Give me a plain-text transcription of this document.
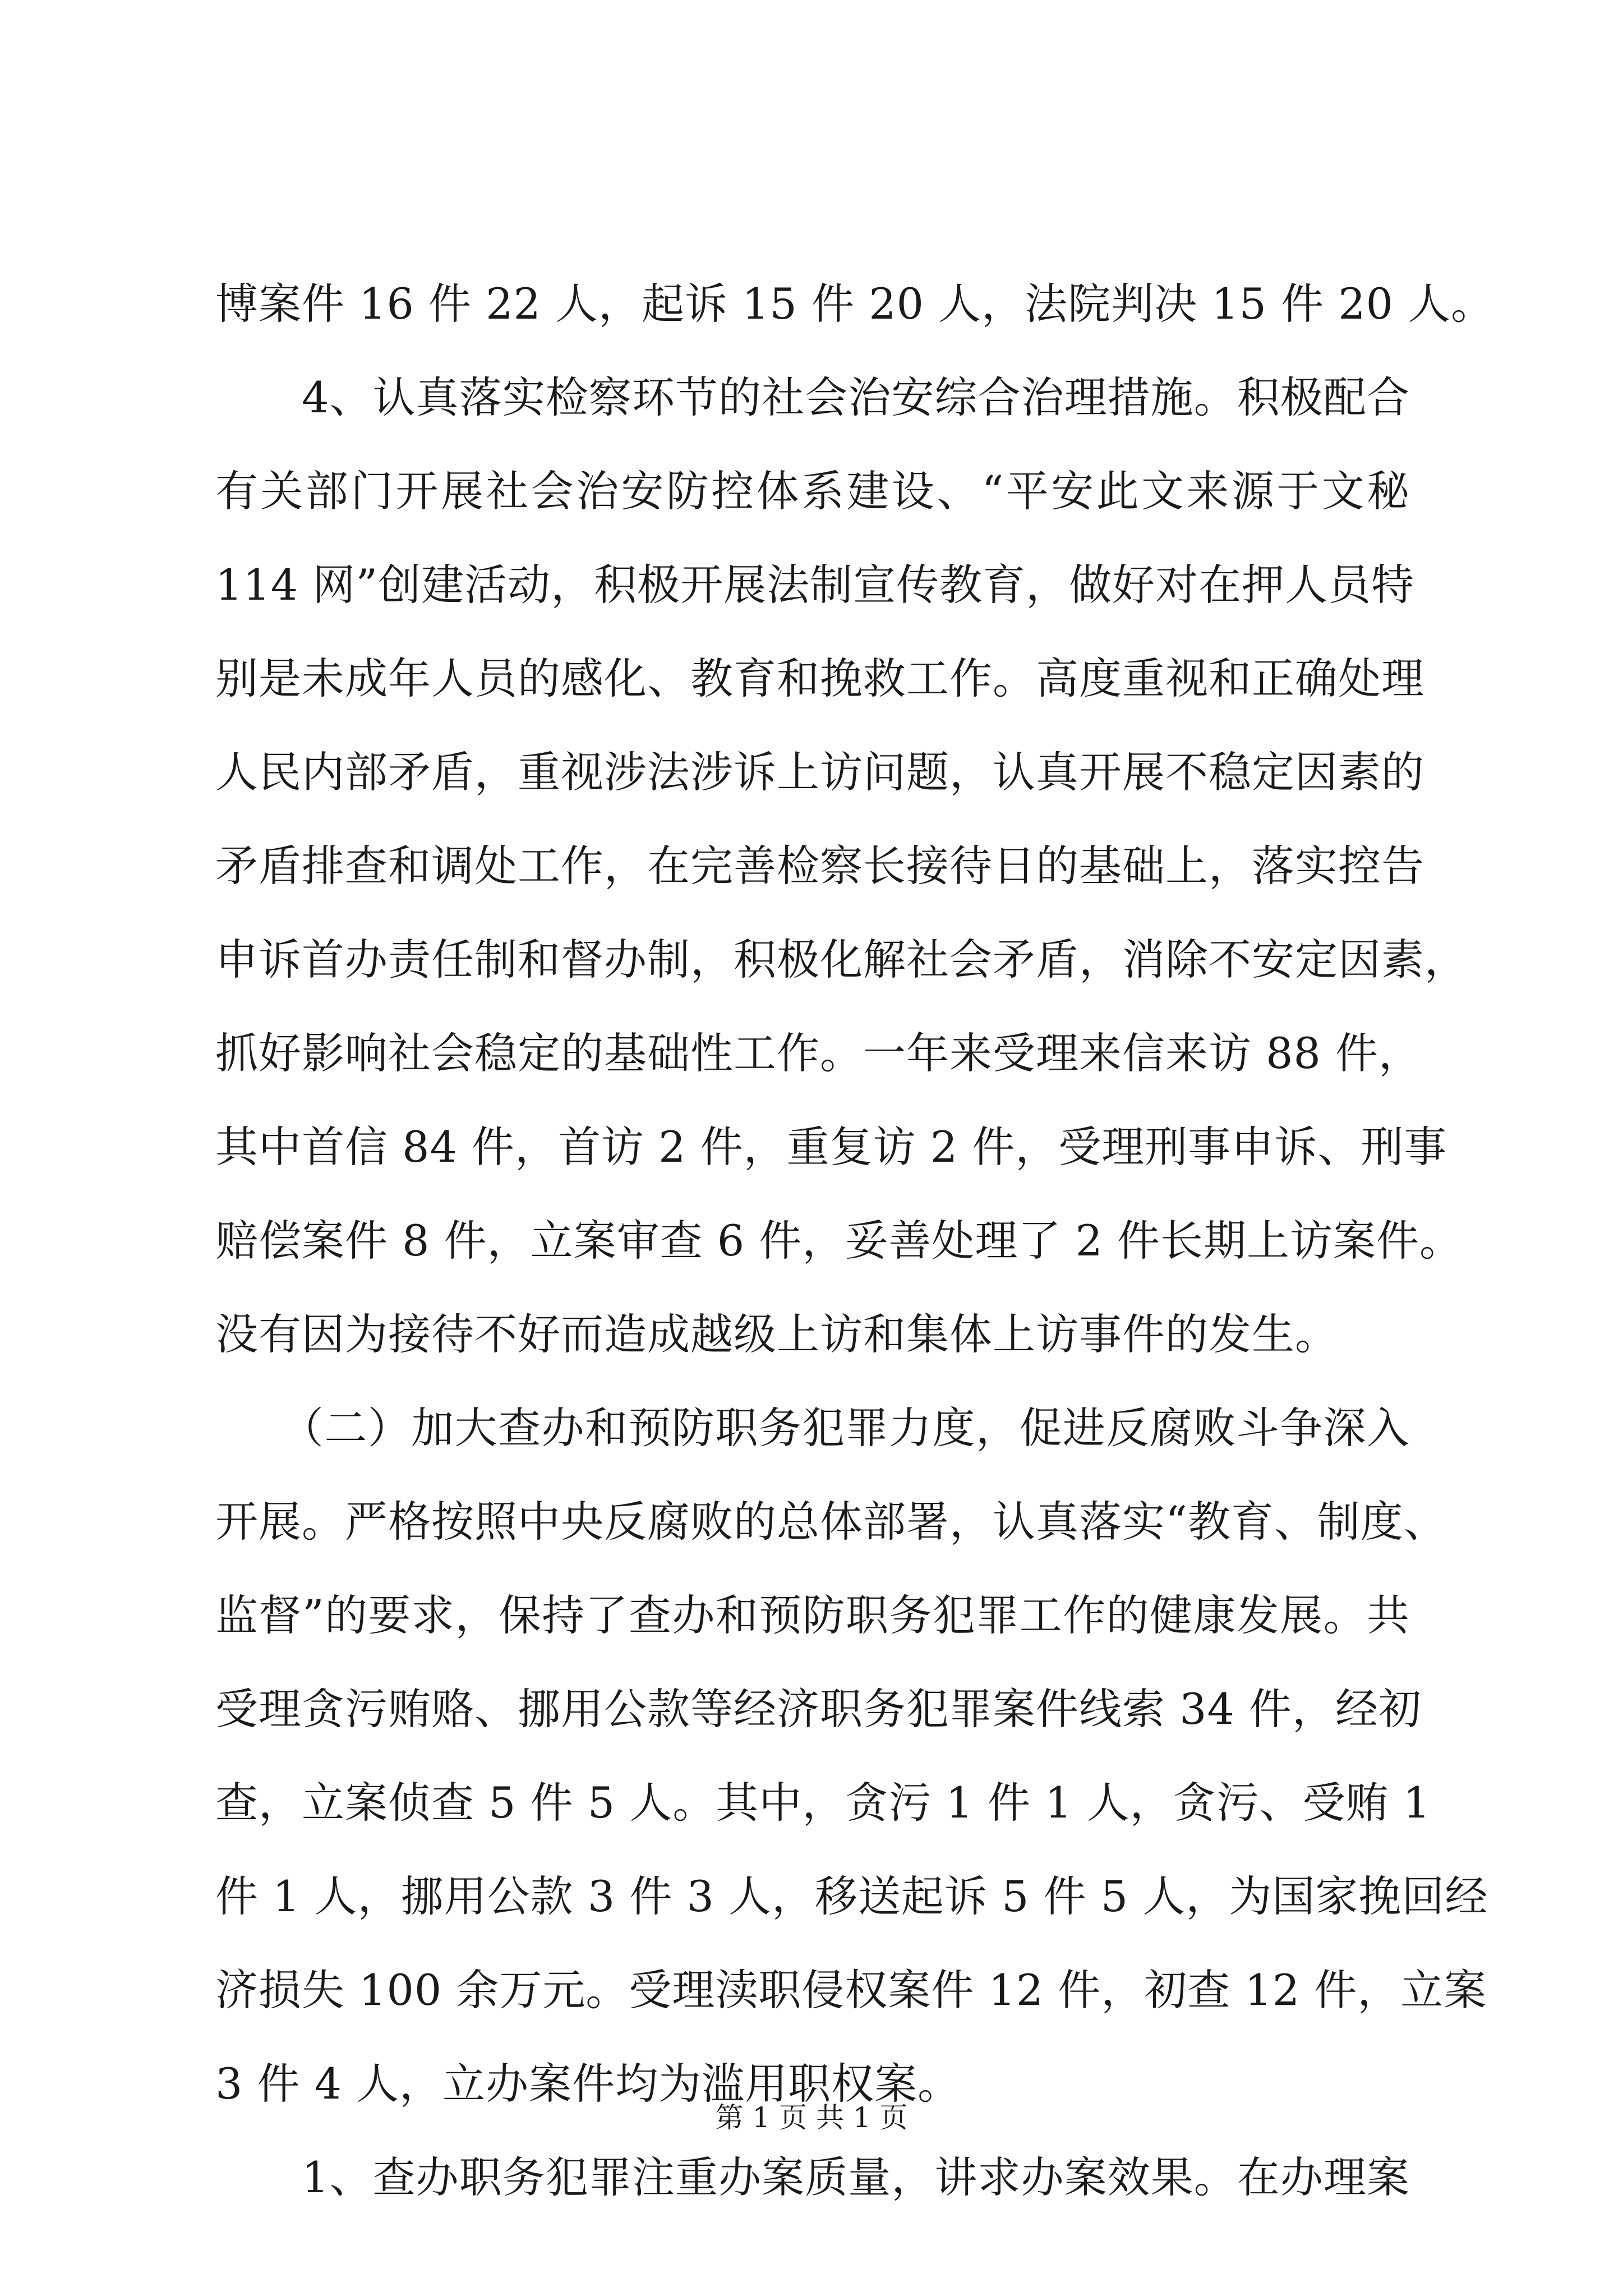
博案件 16 件 22 人，起诉 15 件 20 人，法院判决 15 件 20 人。
　　4、认真落实检察环节的社会治安综合治理措施。积极配合
有关部门开展社会治安防控体系建设、“平安此文来源于文秘
114 网”创建活动，积极开展法制宣传教育，做好对在押人员特
别是未成年人员的感化、教育和挽救工作。高度重视和正确处理
人民内部矛盾，重视涉法涉诉上访问题，认真开展不稳定因素的
矛盾排查和调处工作，在完善检察长接待日的基础上，落实控告
申诉首办责任制和督办制，积极化解社会矛盾，消除不安定因素，
抓好影响社会稳定的基础性工作。一年来受理来信来访 88 件，
其中首信 84 件，首访 2 件，重复访 2 件，受理刑事申诉、刑事
赔偿案件 8 件，立案审查 6 件，妥善处理了 2 件长期上访案件。
没有因为接待不好而造成越级上访和集体上访事件的发生。
　　（二）加大查办和预防职务犯罪力度，促进反腐败斗争深入
开展。严格按照中央反腐败的总体部署，认真落实“教育、制度、
监督”的要求，保持了查办和预防职务犯罪工作的健康发展。共
受理贪污贿赂、挪用公款等经济职务犯罪案件线索 34 件，经初
查，立案侦查 5 件 5 人。其中，贪污 1 件 1 人，贪污、受贿 1
件 1 人，挪用公款 3 件 3 人，移送起诉 5 件 5 人，为国家挽回经
济损失 100 余万元。受理渎职侵权案件 12 件，初查 12 件，立案
3 件 4 人，立办案件均为滥用职权案。
　　1、查办职务犯罪注重办案质量，讲求办案效果。在办理案
第 1 页 共 1 页
